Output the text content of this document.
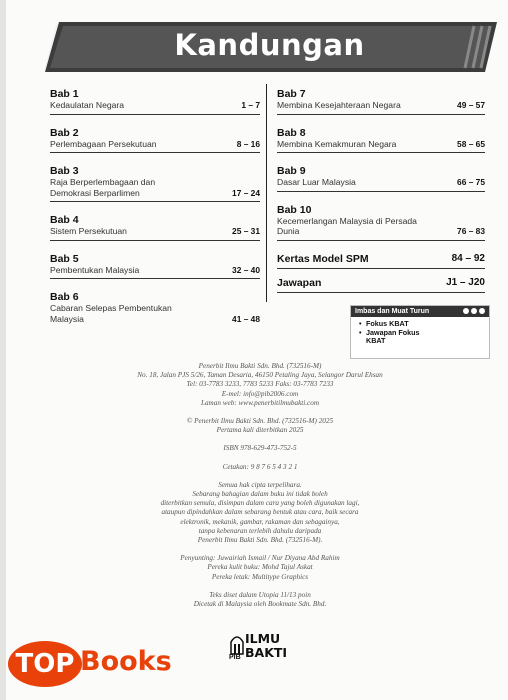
Kandungan
Bab 1
Kedaulatan Negara	1 – 7
Bab 2
Perlembagaan Persekutuan	8 – 16
Bab 3
Raja Berperlembagaan dan
Demokrasi Berparlimen	17 – 24
Bab 4
Sistem Persekutuan	25 – 31
Bab 5
Pembentukan Malaysia	32 – 40
Bab 6
Cabaran Selepas Pembentukan
Malaysia	41 – 48
Bab 7
Membina Kesejahteraan Negara	49 – 57
Bab 8
Membina Kemakmuran Negara	58 – 65
Bab 9
Dasar Luar Malaysia	66 – 75
Bab 10
Kecemerlangan Malaysia di Persada
Dunia	76 – 83
Kertas Model SPM	84 – 92
Jawapan	J1 – J20
Imbas dan Muat Turun
• Fokus KBAT
• Jawapan Fokus
KBAT
Penerbit Ilmu Bakti Sdn. Bhd. (732516-M)
No. 18, Jalan PJS 5/26, Taman Desaria, 46150 Petaling Jaya, Selangor Darul Ehsan
Tel: 03-7783 3233, 7783 5233 Faks: 03-7783 7233
E-mel: info@pib2006.com
Laman web: www.penerbitilmubakti.com
© Penerbit Ilmu Bakti Sdn. Bhd. (732516-M) 2025
Pertama kali diterbitkan 2025
ISBN 978-629-473-752-5
Cetakan: 9 8 7 6 5 4 3 2 1
Semua hak cipta terpelihara.
Sebarang bahagian dalam buku ini tidak boleh
diterbitkan semula, disimpan dalam cara yang boleh digunakan lagi,
ataupun dipindahkan dalam sebarang bentuk atau cara, baik secara
elektronik, mekanik, gambar, rakaman dan sebagainya,
tanpa kebenaran terlebih dahulu daripada
Penerbit Ilmu Bakti Sdn. Bhd. (732516-M).
Penyunting: Juwairiah Ismail / Nur Diyana Abd Rahim
Pereka kulit buku: Mohd Tajul Askat
Pereka letak: Multitype Graphics
Teks diset dalam Utopia 11/13 poin
Dicetak di Malaysia oleh Bookmate Sdn. Bhd.
PIB
ILMU
BAKTI
TOP Books
